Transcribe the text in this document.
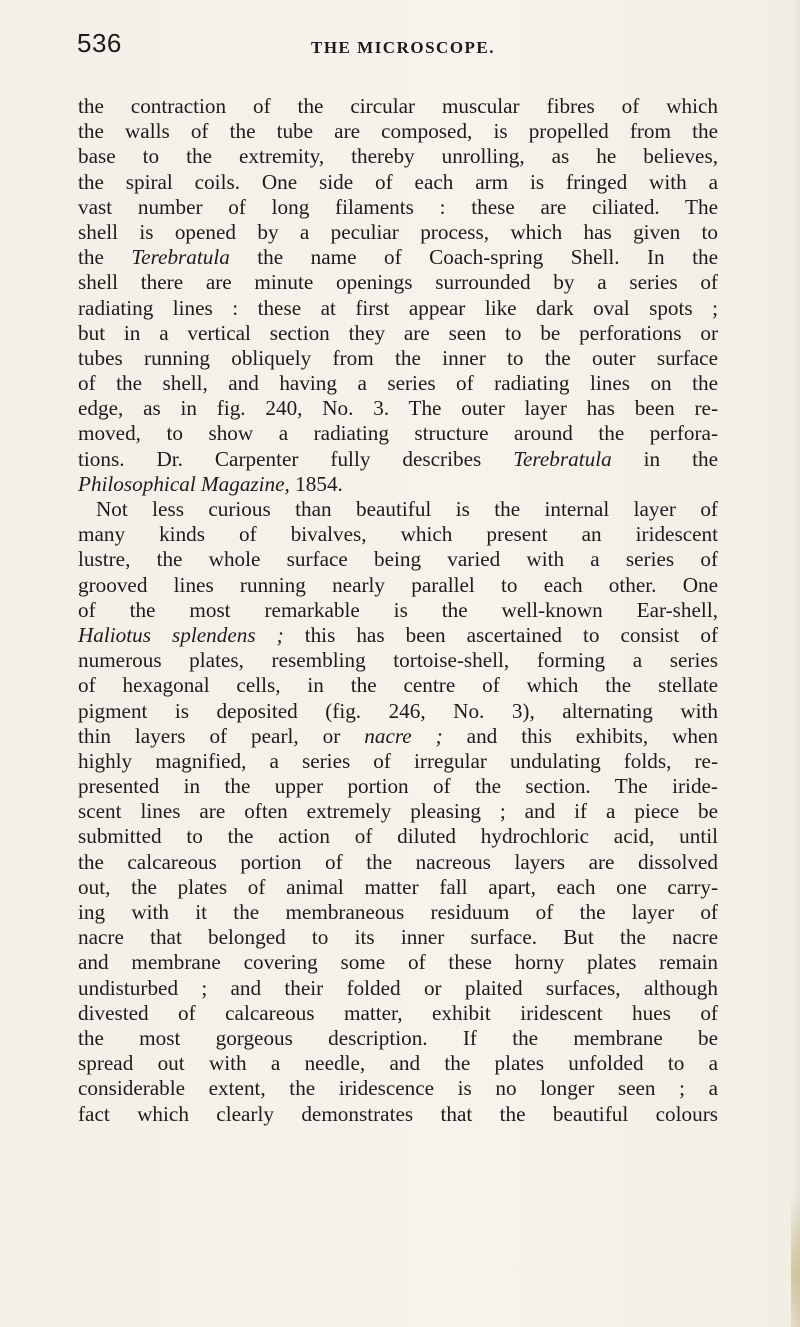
536	THE MICROSCOPE.
the contraction of the circular muscular fibres of which
the walls of the tube are composed, is propelled from the
base to the extremity, thereby unrolling, as he believes,
the spiral coils. One side of each arm is fringed with a
vast number of long filaments : these are ciliated. The
shell is opened by a peculiar process, which has given to
the Terebratula the name of Coach-spring Shell. In the
shell there are minute openings surrounded by a series of
radiating lines : these at first appear like dark oval spots ;
but in a vertical section they are seen to be perforations or
tubes running obliquely from the inner to the outer surface
of the shell, and having a series of radiating lines on the
edge, as in fig. 240, No. 3. The outer layer has been re-
moved, to show a radiating structure around the perfora-
tions. Dr. Carpenter fully describes Terebratula in the
Philosophical Magazine, 1854.
Not less curious than beautiful is the internal layer of
many kinds of bivalves, which present an iridescent
lustre, the whole surface being varied with a series of
grooved lines running nearly parallel to each other. One
of the most remarkable is the well-known Ear-shell,
Haliotus splendens ; this has been ascertained to consist of
numerous plates, resembling tortoise-shell, forming a series
of hexagonal cells, in the centre of which the stellate
pigment is deposited (fig. 246, No. 3), alternating with
thin layers of pearl, or nacre ; and this exhibits, when
highly magnified, a series of irregular undulating folds, re-
presented in the upper portion of the section. The iride-
scent lines are often extremely pleasing ; and if a piece be
submitted to the action of diluted hydrochloric acid, until
the calcareous portion of the nacreous layers are dissolved
out, the plates of animal matter fall apart, each one carry-
ing with it the membraneous residuum of the layer of
nacre that belonged to its inner surface. But the nacre
and membrane covering some of these horny plates remain
undisturbed ; and their folded or plaited surfaces, although
divested of calcareous matter, exhibit iridescent hues of
the most gorgeous description. If the membrane be
spread out with a needle, and the plates unfolded to a
considerable extent, the iridescence is no longer seen ; a
fact which clearly demonstrates that the beautiful colours
